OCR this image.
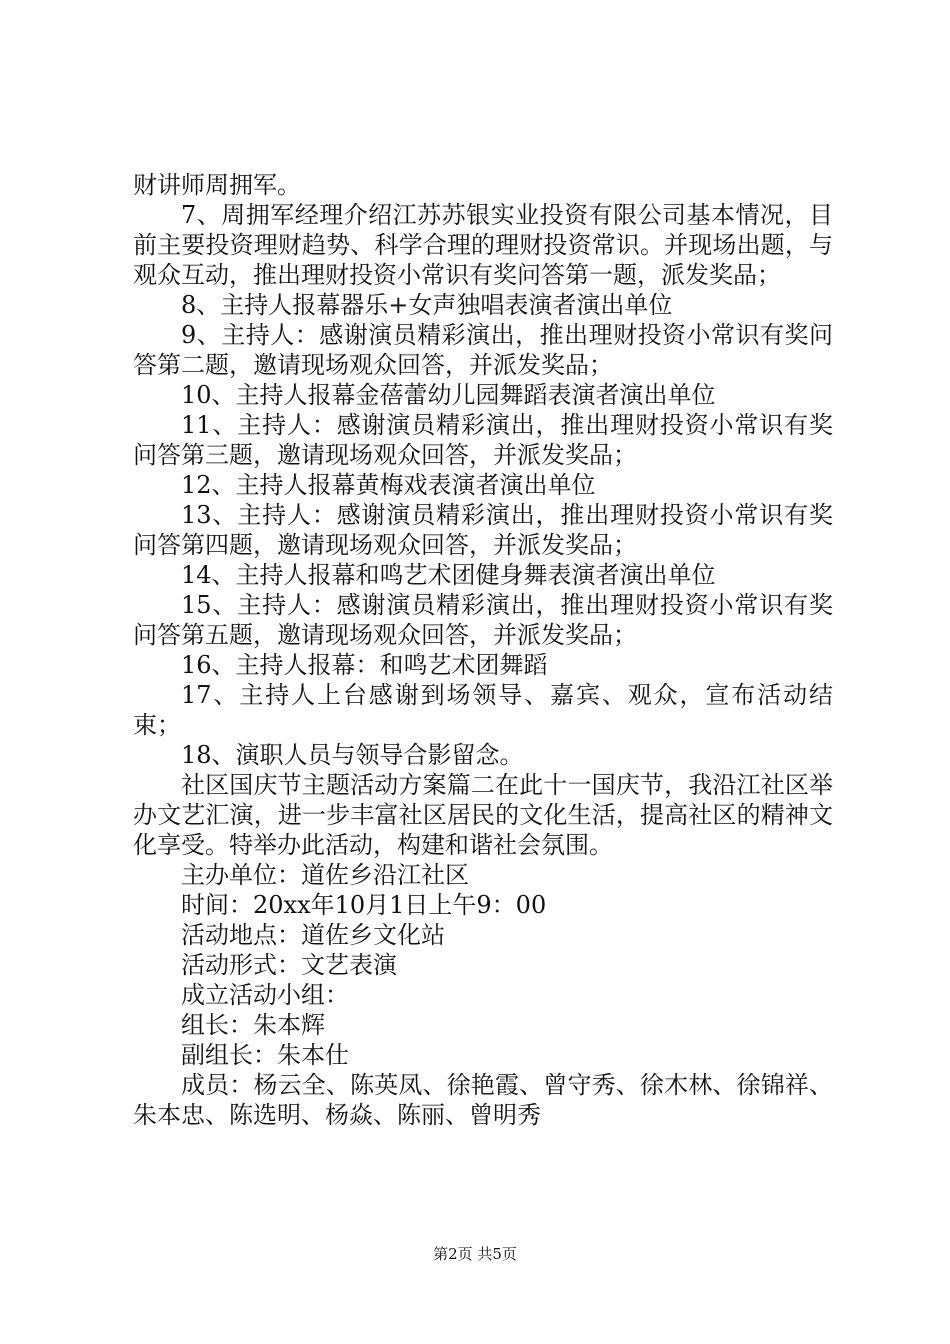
财讲师周拥军。

7、周拥军经理介绍江苏苏银实业投资有限公司基本情况，目前主要投资理财趋势、科学合理的理财投资常识。并现场出题，与观众互动，推出理财投资小常识有奖问答第一题，派发奖品；

8、主持人报幕器乐+女声独唱表演者演出单位

9、主持人：感谢演员精彩演出，推出理财投资小常识有奖问答第二题，邀请现场观众回答，并派发奖品；

10、主持人报幕金蓓蕾幼儿园舞蹈表演者演出单位

11、主持人：感谢演员精彩演出，推出理财投资小常识有奖问答第三题，邀请现场观众回答，并派发奖品；

12、主持人报幕黄梅戏表演者演出单位

13、主持人：感谢演员精彩演出，推出理财投资小常识有奖问答第四题，邀请现场观众回答，并派发奖品；

14、主持人报幕和鸣艺术团健身舞表演者演出单位

15、主持人：感谢演员精彩演出，推出理财投资小常识有奖问答第五题，邀请现场观众回答，并派发奖品；

16、主持人报幕：和鸣艺术团舞蹈

17、主持人上台感谢到场领导、嘉宾、观众，宣布活动结束；

18、演职人员与领导合影留念。

社区国庆节主题活动方案篇二在此十一国庆节，我沿江社区举办文艺汇演，进一步丰富社区居民的文化生活，提高社区的精神文化享受。特举办此活动，构建和谐社会氛围。

主办单位：道佐乡沿江社区

时间：20xx年10月1日上午9：00

活动地点：道佐乡文化站

活动形式：文艺表演

成立活动小组：

组长：朱本辉

副组长：朱本仕

成员：杨云全、陈英凤、徐艳霞、曾守秀、徐木林、徐锦祥、朱本忠、陈选明、杨焱、陈丽、曾明秀

第2页 共5页
